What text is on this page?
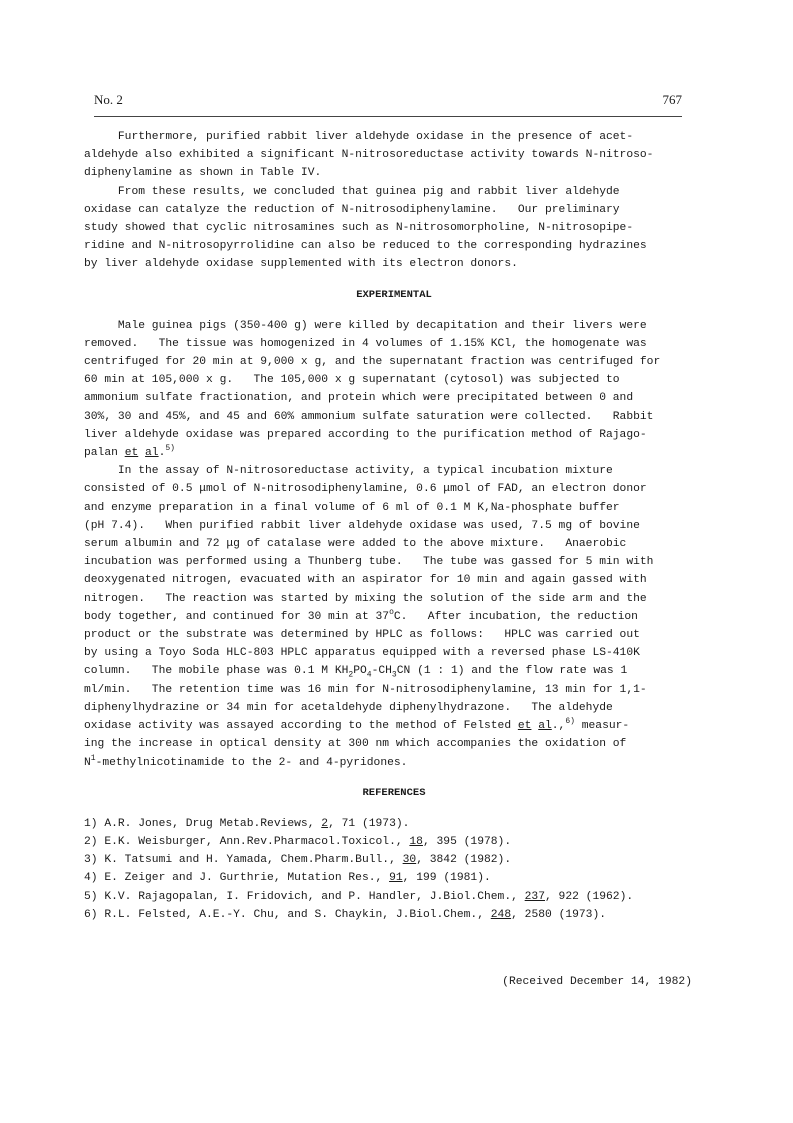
No. 2	767

Furthermore, purified rabbit liver aldehyde oxidase in the presence of acet-

aldehyde also exhibited a significant N-nitrosoreductase activity towards N-nitroso-

diphenylamine as shown in Table IV.

From these results, we concluded that guinea pig and rabbit liver aldehyde

oxidase can catalyze the reduction of N-nitrosodiphenylamine.   Our preliminary

study showed that cyclic nitrosamines such as N-nitrosomorpholine, N-nitrosopipe-

ridine and N-nitrosopyrrolidine can also be reduced to the corresponding hydrazines

by liver aldehyde oxidase supplemented with its electron donors.

EXPERIMENTAL

Male guinea pigs (350-400 g) were killed by decapitation and their livers were

removed.   The tissue was homogenized in 4 volumes of 1.15% KCl, the homogenate was

centrifuged for 20 min at 9,000 x g, and the supernatant fraction was centrifuged for

60 min at 105,000 x g.   The 105,000 x g supernatant (cytosol) was subjected to

ammonium sulfate fractionation, and protein which were precipitated between 0 and

30%, 30 and 45%, and 45 and 60% ammonium sulfate saturation were collected.   Rabbit

liver aldehyde oxidase was prepared according to the purification method of Rajago-

palan et al.$^{5)}$

In the assay of N-nitrosoreductase activity, a typical incubation mixture

consisted of 0.5 μmol of N-nitrosodiphenylamine, 0.6 μmol of FAD, an electron donor

and enzyme preparation in a final volume of 6 ml of 0.1 M K,Na-phosphate buffer

(pH 7.4).   When purified rabbit liver aldehyde oxidase was used, 7.5 mg of bovine

serum albumin and 72 μg of catalase were added to the above mixture.   Anaerobic

incubation was performed using a Thunberg tube.   The tube was gassed for 5 min with

deoxygenated nitrogen, evacuated with an aspirator for 10 min and again gassed with

nitrogen.   The reaction was started by mixing the solution of the side arm and the

body together, and continued for 30 min at 37$^o$C.   After incubation, the reduction

product or the substrate was determined by HPLC as follows:   HPLC was carried out

by using a Toyo Soda HLC-803 HPLC apparatus equipped with a reversed phase LS-410K

column.   The mobile phase was 0.1 M $KH_2PO_4-CH_3CN$ (1 : 1) and the flow rate was 1

ml/min.   The retention time was 16 min for N-nitrosodiphenylamine, 13 min for 1,1-

diphenylhydrazine or 34 min for acetaldehyde diphenylhydrazone.   The aldehyde

oxidase activity was assayed according to the method of Felsted et al.,$^{6)}$ measur-

ing the increase in optical density at 300 nm which accompanies the oxidation of

$N^1$-methylnicotinamide to the 2- and 4-pyridones.

REFERENCES

1) A.R. Jones, Drug Metab.Reviews, 2, 71 (1973).

2) E.K. Weisburger, Ann.Rev.Pharmacol.Toxicol., 18, 395 (1978).

3) K. Tatsumi and H. Yamada, Chem.Pharm.Bull., 30, 3842 (1982).

4) E. Zeiger and J. Gurthrie, Mutation Res., 91, 199 (1981).

5) K.V. Rajagopalan, I. Fridovich, and P. Handler, J.Biol.Chem., 237, 922 (1962).

6) R.L. Felsted, A.E.-Y. Chu, and S. Chaykin, J.Biol.Chem., 248, 2580 (1973).

(Received December 14, 1982)
